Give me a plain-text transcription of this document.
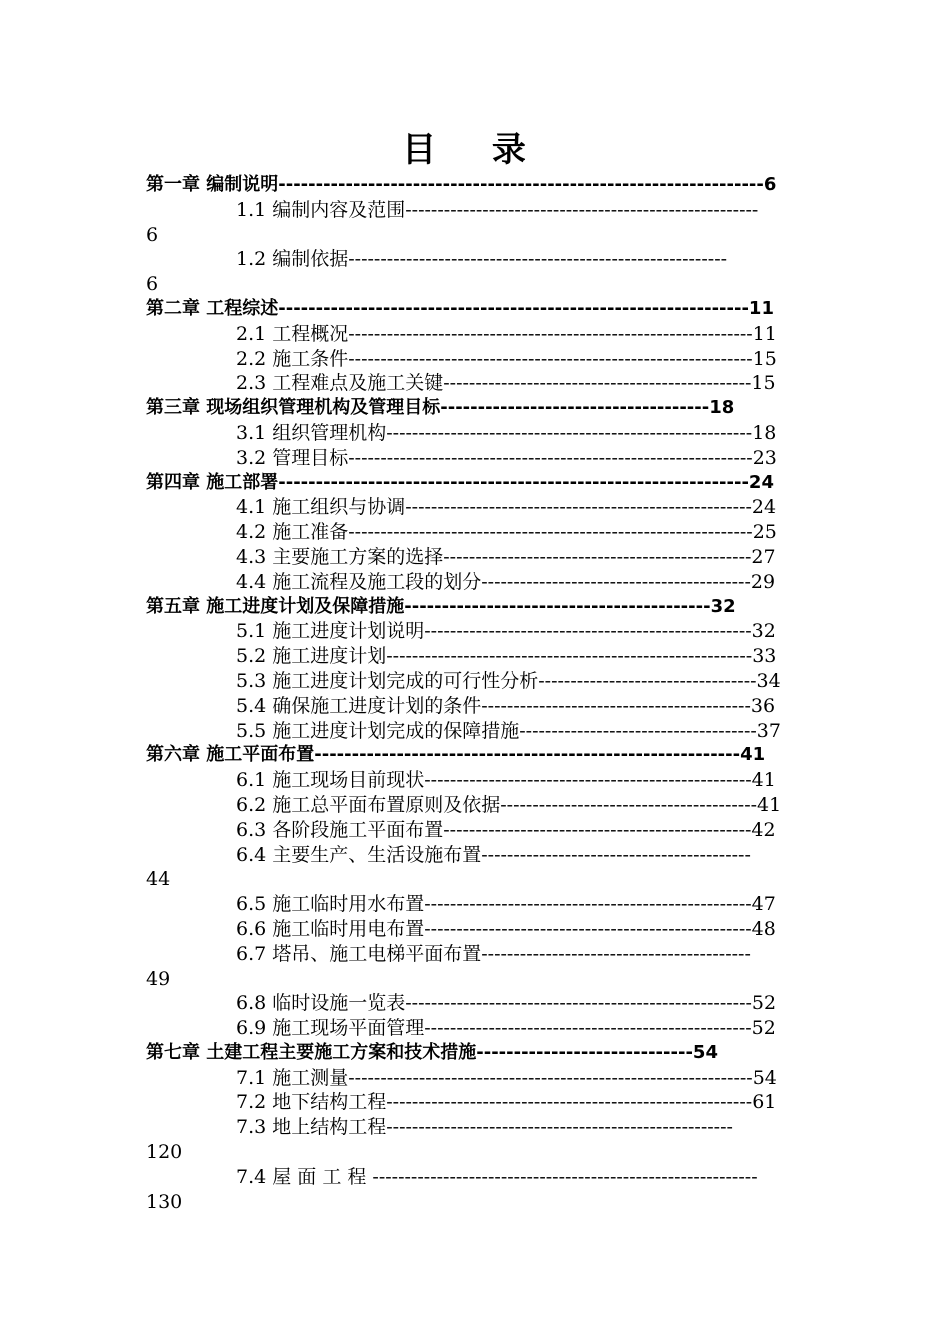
目 录
第一章 编制说明-----------------------------------------------------------------6
1.1 编制内容及范围-------------------------------------------------------
6
1.2 编制依据-----------------------------------------------------------
6
第二章 工程综述---------------------------------------------------------------11
2.1 工程概况---------------------------------------------------------------11
2.2 施工条件---------------------------------------------------------------15
2.3 工程难点及施工关键------------------------------------------------15
第三章 现场组织管理机构及管理目标------------------------------------18
3.1 组织管理机构---------------------------------------------------------18
3.2 管理目标---------------------------------------------------------------23
第四章 施工部署---------------------------------------------------------------24
4.1 施工组织与协调------------------------------------------------------24
4.2 施工准备---------------------------------------------------------------25
4.3 主要施工方案的选择------------------------------------------------27
4.4 施工流程及施工段的划分------------------------------------------29
第五章 施工进度计划及保障措施-----------------------------------------32
5.1 施工进度计划说明---------------------------------------------------32
5.2 施工进度计划---------------------------------------------------------33
5.3 施工进度计划完成的可行性分析----------------------------------34
5.4 确保施工进度计划的条件------------------------------------------36
5.5 施工进度计划完成的保障措施-------------------------------------37
第六章 施工平面布置---------------------------------------------------------41
6.1 施工现场目前现状---------------------------------------------------41
6.2 施工总平面布置原则及依据----------------------------------------41
6.3 各阶段施工平面布置------------------------------------------------42
6.4 主要生产、生活设施布置------------------------------------------
44
6.5 施工临时用水布置---------------------------------------------------47
6.6 施工临时用电布置---------------------------------------------------48
6.7 塔吊、施工电梯平面布置------------------------------------------
49
6.8 临时设施一览表------------------------------------------------------52
6.9 施工现场平面管理---------------------------------------------------52
第七章 土建工程主要施工方案和技术措施-----------------------------54
7.1 施工测量---------------------------------------------------------------54
7.2 地下结构工程---------------------------------------------------------61
7.3 地上结构工程------------------------------------------------------
120
7.4 屋 面 工 程 ------------------------------------------------------------
130
